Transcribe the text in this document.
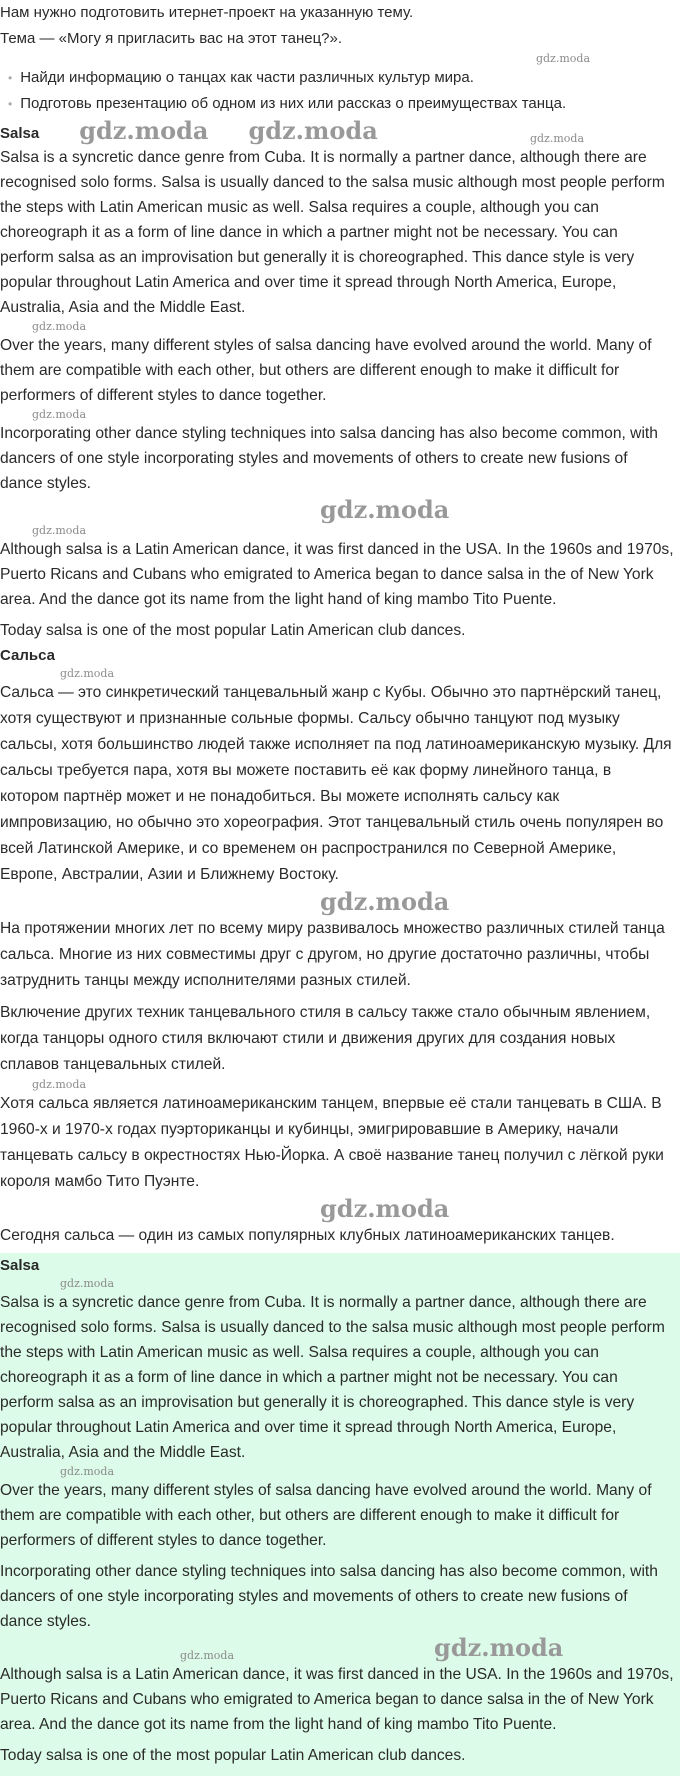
Нам нужно подготовить итернет-проект на указанную тему.

Тема — «Могу я пригласить вас на этот танец?».

gdz.moda
• Найди информацию о танцах как части различных культур мира.
• Подготовь презентацию об одном из них или рассказ о преимуществах танца.
Salsa gdz.moda gdz.moda	gdz.moda

Salsa is a syncretic dance genre from Cuba. It is normally a partner dance, although there are recognised solo forms. Salsa is usually danced to the salsa music although most people perform the steps with Latin American music as well. Salsa requires a couple, although you can choreograph it as a form of line dance in which a partner might not be necessary. You can perform salsa as an improvisation but generally it is choreographed. This dance style is very popular throughout Latin America and over time it spread through North America, Europe, Australia, Asia and the Middle East.

gdz.moda

Over the years, many different styles of salsa dancing have evolved around the world. Many of them are compatible with each other, but others are different enough to make it difficult for performers of different styles to dance together.

gdz.moda

Incorporating other dance styling techniques into salsa dancing has also become common, with dancers of one style incorporating styles and movements of others to create new fusions of dance styles.

gdz.moda
gdz.moda

Although salsa is a Latin American dance, it was first danced in the USA. In the 1960s and 1970s, Puerto Ricans and Cubans who emigrated to America began to dance salsa in the of New York area. And the dance got its name from the light hand of king mambo Tito Puente.

Today salsa is one of the most popular Latin American club dances.

Сальса
gdz.moda

Сальса — это синкретический танцевальный жанр с Кубы. Обычно это партнёрский танец, хотя существуют и признанные сольные формы. Сальсу обычно танцуют под музыку сальсы, хотя большинство людей также исполняет па под латиноамериканскую музыку. Для сальсы требуется пара, хотя вы можете поставить её как форму линейного танца, в котором партнёр может и не понадобиться. Вы можете исполнять сальсу как импровизацию, но обычно это хореография. Этот танцевальный стиль очень популярен во всей Латинской Америке, и со временем он распространился по Северной Америке, Европе, Австралии, Азии и Ближнему Востоку.

gdz.moda

На протяжении многих лет по всему миру развивалось множество различных стилей танца сальса. Многие из них совместимы друг с другом, но другие достаточно различны, чтобы затруднить танцы между исполнителями разных стилей.

Включение других техник танцевального стиля в сальсу также стало обычным явлением, когда танцоры одного стиля включают стили и движения других для создания новых сплавов танцевальных стилей.

gdz.moda

Хотя сальса является латиноамериканским танцем, впервые её стали танцевать в США. В 1960-х и 1970-х годах пуэрториканцы и кубинцы, эмигрировавшие в Америку, начали танцевать сальсу в окрестностях Нью-Йорка. А своё название танец получил с лёгкой руки короля мамбо Тито Пуэнте.

gdz.moda

Сегодня сальса — один из самых популярных клубных латиноамериканских танцев.

Salsa
gdz.moda

Salsa is a syncretic dance genre from Cuba. It is normally a partner dance, although there are recognised solo forms. Salsa is usually danced to the salsa music although most people perform the steps with Latin American music as well. Salsa requires a couple, although you can choreograph it as a form of line dance in which a partner might not be necessary. You can perform salsa as an improvisation but generally it is choreographed. This dance style is very popular throughout Latin America and over time it spread through North America, Europe, Australia, Asia and the Middle East.

gdz.moda

Over the years, many different styles of salsa dancing have evolved around the world. Many of them are compatible with each other, but others are different enough to make it difficult for performers of different styles to dance together.

Incorporating other dance styling techniques into salsa dancing has also become common, with dancers of one style incorporating styles and movements of others to create new fusions of dance styles.

gdz.moda	gdz.moda

Although salsa is a Latin American dance, it was first danced in the USA. In the 1960s and 1970s, Puerto Ricans and Cubans who emigrated to America began to dance salsa in the of New York area. And the dance got its name from the light hand of king mambo Tito Puente.

Today salsa is one of the most popular Latin American club dances.
